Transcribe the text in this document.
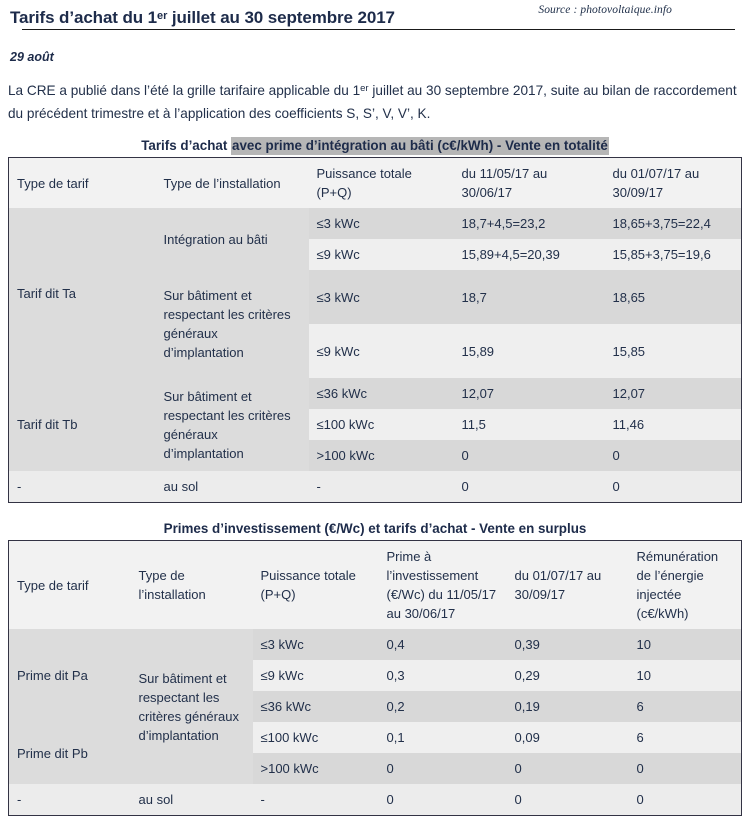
Source : photovoltaique.info
Tarifs d’achat du 1er juillet au 30 septembre 2017
29 août

La CRE a publié dans l’été la grille tarifaire applicable du 1er juillet au 30 septembre 2017, suite au bilan de raccordement du précédent trimestre et à l’application des coefficients S, S’, V, V’, K.

Tarifs d’achat avec prime d’intégration au bâti (c€/kWh) - Vente en totalité
Type de tarif	Type de l’installation	Puissance totale (P+Q)	du 11/05/17 au 30/06/17	du 01/07/17 au 30/09/17
Tarif dit Ta	Intégration au bâti	≤3 kWc	18,7+4,5=23,2	18,65+3,75=22,4
		≤9 kWc	15,89+4,5=20,39	15,85+3,75=19,6
	Sur bâtiment et respectant les critères généraux d’implantation	≤3 kWc	18,7	18,65
		≤9 kWc	15,89	15,85
Tarif dit Tb	Sur bâtiment et respectant les critères généraux d’implantation	≤36 kWc	12,07	12,07
		≤100 kWc	11,5	11,46
		>100 kWc	0	0
-	au sol	-	0	0
Primes d’investissement (€/Wc) et tarifs d’achat - Vente en surplus
Type de tarif	Type de l’installation	Puissance totale (P+Q)	Prime à l’investissement (€/Wc) du 11/05/17 au 30/06/17	du 01/07/17 au 30/09/17	Rémunération de l’énergie injectée (c€/kWh)
Prime dit Pa	Sur bâtiment et respectant les critères généraux d’implantation	≤3 kWc	0,4	0,39	10
		≤9 kWc	0,3	0,29	10
		≤36 kWc	0,2	0,19	6
Prime dit Pb		≤100 kWc	0,1	0,09	6
		>100 kWc	0	0	0
-	au sol	-	0	0	0
